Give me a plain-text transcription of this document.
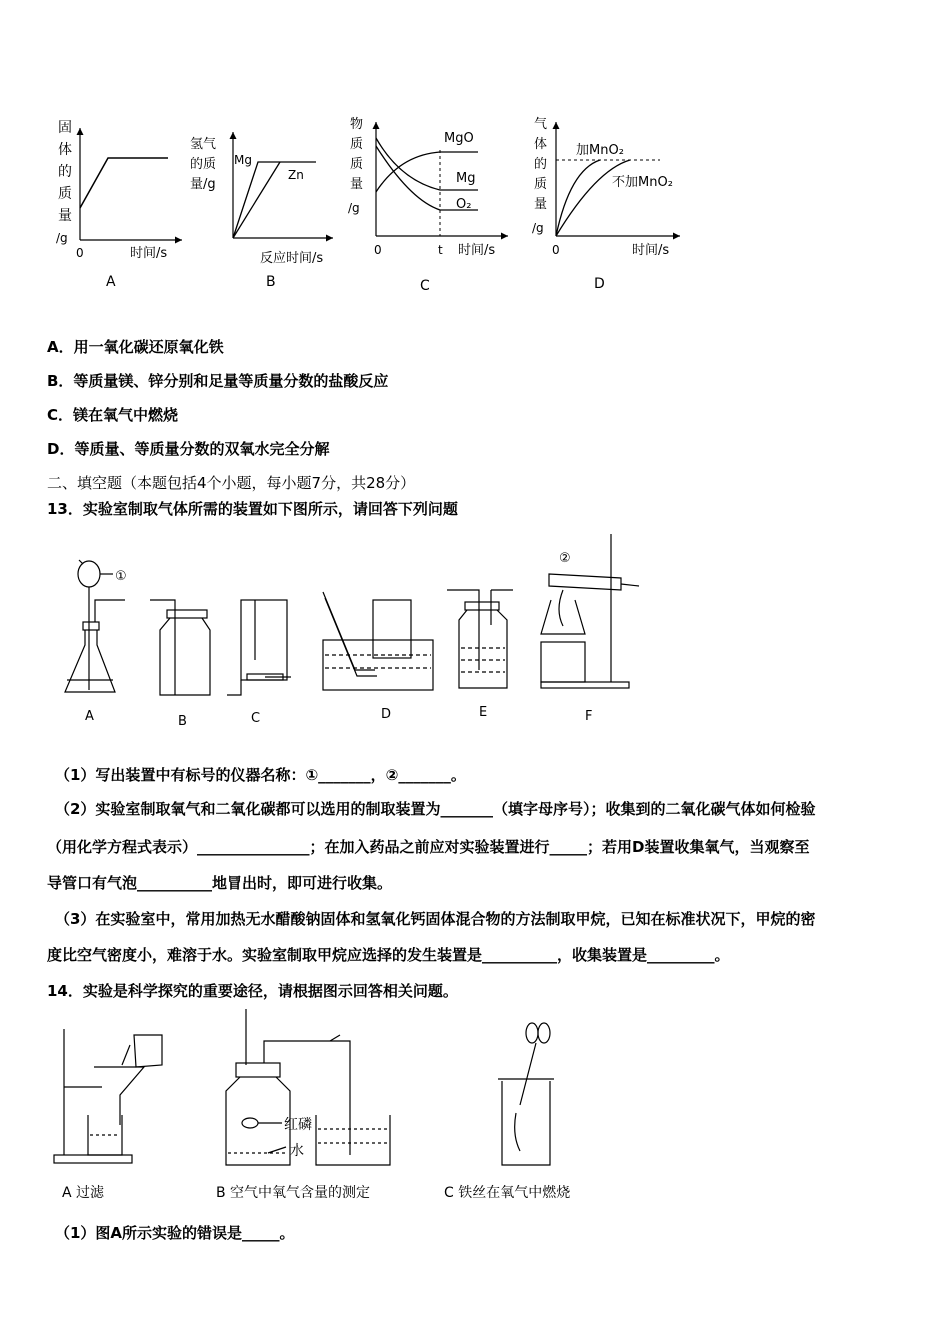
固
体
的
质
量
/g
0	时间/s
A
氢气
的质
量/g
Mg
Zn
反应时间/s
B
物
质
质
量
/g
MgO
Mg
O₂
0	t 时间/s
C
气
体
的
质
量
/g
加MnO₂
不加MnO₂
0	时间/s
D
A．用一氧化碳还原氧化铁
B．等质量镁、锌分别和足量等质量分数的盐酸反应
C．镁在氧气中燃烧
D．等质量、等质量分数的双氧水完全分解
二、填空题（本题包括4个小题，每小题7分，共28分）
13．实验室制取气体所需的装置如下图所示，请回答下列问题
①
A	B	C	D	E
②
F
（1）写出装置中有标号的仪器名称：①_______，②_______。
（2）实验室制取氧气和二氧化碳都可以选用的制取装置为_______（填字母序号）；收集到的二氧化碳气体如何检验
（用化学方程式表示）_______________；在加入药品之前应对实验装置进行_____；若用D装置收集氧气，当观察至
导管口有气泡__________地冒出时，即可进行收集。
（3）在实验室中，常用加热无水醋酸钠固体和氢氧化钙固体混合物的方法制取甲烷，已知在标准状况下，甲烷的密
度比空气密度小，难溶于水。实验室制取甲烷应选择的发生装置是__________，收集装置是_________。
14．实验是科学探究的重要途径，请根据图示回答相关问题。
A 过滤
红磷
水
B 空气中氧气含量的测定	C 铁丝在氧气中燃烧
（1）图A所示实验的错误是_____。
